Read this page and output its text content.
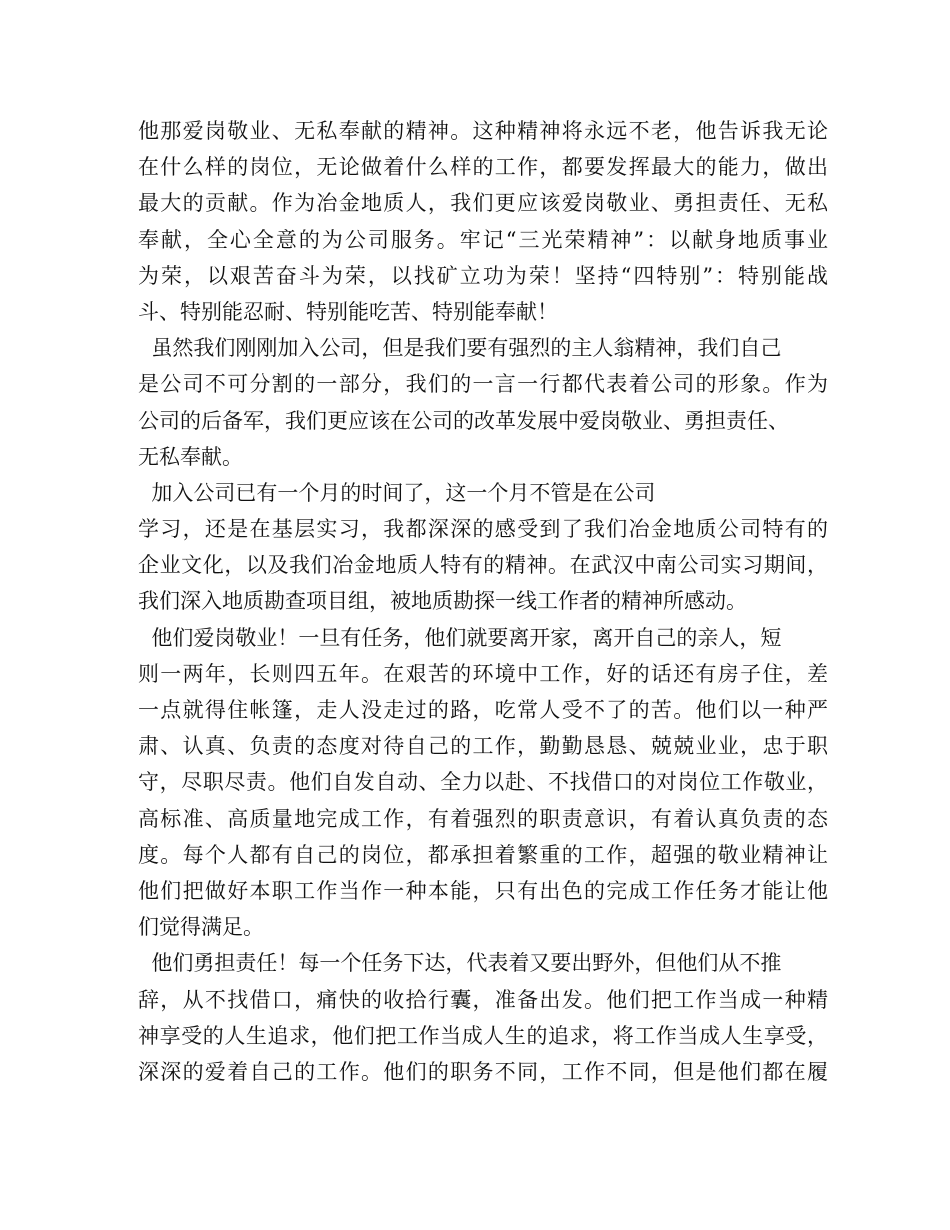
他那爱岗敬业、无私奉献的精神。这种精神将永远不老，他告诉我无论
在什么样的岗位，无论做着什么样的工作，都要发挥最大的能力，做出
最大的贡献。作为冶金地质人，我们更应该爱岗敬业、勇担责任、无私
奉献，全心全意的为公司服务。牢记“三光荣精神”：以献身地质事业
为荣，以艰苦奋斗为荣，以找矿立功为荣！坚持“四特别”：特别能战
斗、特别能忍耐、特别能吃苦、特别能奉献！
虽然我们刚刚加入公司，但是我们要有强烈的主人翁精神，我们自己
是公司不可分割的一部分，我们的一言一行都代表着公司的形象。作为
公司的后备军，我们更应该在公司的改革发展中爱岗敬业、勇担责任、
无私奉献。
加入公司已有一个月的时间了，这一个月不管是在公司
学习，还是在基层实习，我都深深的感受到了我们冶金地质公司特有的
企业文化，以及我们冶金地质人特有的精神。在武汉中南公司实习期间，
我们深入地质勘查项目组，被地质勘探一线工作者的精神所感动。
他们爱岗敬业！一旦有任务，他们就要离开家，离开自己的亲人，短
则一两年，长则四五年。在艰苦的环境中工作，好的话还有房子住，差
一点就得住帐篷，走人没走过的路，吃常人受不了的苦。他们以一种严
肃、认真、负责的态度对待自己的工作，勤勤恳恳、兢兢业业，忠于职
守，尽职尽责。他们自发自动、全力以赴、不找借口的对岗位工作敬业，
高标准、高质量地完成工作，有着强烈的职责意识，有着认真负责的态
度。每个人都有自己的岗位，都承担着繁重的工作，超强的敬业精神让
他们把做好本职工作当作一种本能，只有出色的完成工作任务才能让他
们觉得满足。
他们勇担责任！每一个任务下达，代表着又要出野外，但他们从不推
辞，从不找借口，痛快的收拾行囊，准备出发。他们把工作当成一种精
神享受的人生追求，他们把工作当成人生的追求，将工作当成人生享受，
深深的爱着自己的工作。他们的职务不同，工作不同，但是他们都在履
